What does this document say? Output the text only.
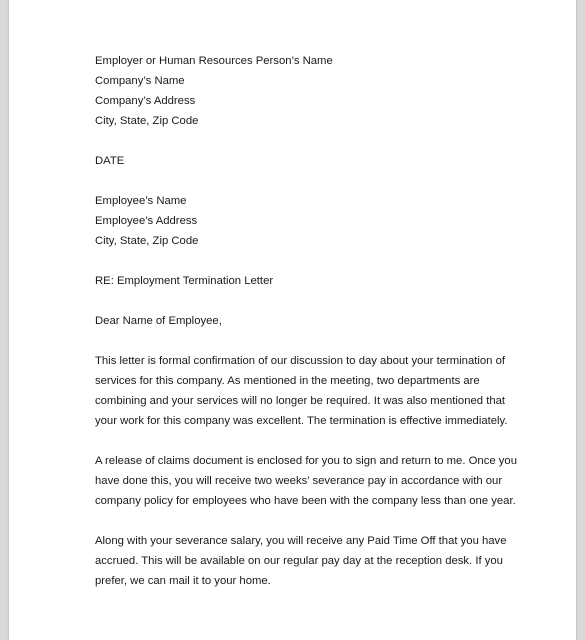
Employer or Human Resources Person’s Name
Company’s Name
Company’s Address
City, State, Zip Code
DATE
Employee’s Name
Employee’s Address
City, State, Zip Code
RE: Employment Termination Letter
Dear Name of Employee,
This letter is formal confirmation of our discussion to day about your termination of
services for this company. As mentioned in the meeting, two departments are
combining and your services will no longer be required. It was also mentioned that
your work for this company was excellent. The termination is effective immediately.
A release of claims document is enclosed for you to sign and return to me. Once you
have done this, you will receive two weeks’ severance pay in accordance with our
company policy for employees who have been with the company less than one year.
Along with your severance salary, you will receive any Paid Time Off that you have
accrued. This will be available on our regular pay day at the reception desk. If you
prefer, we can mail it to your home.
